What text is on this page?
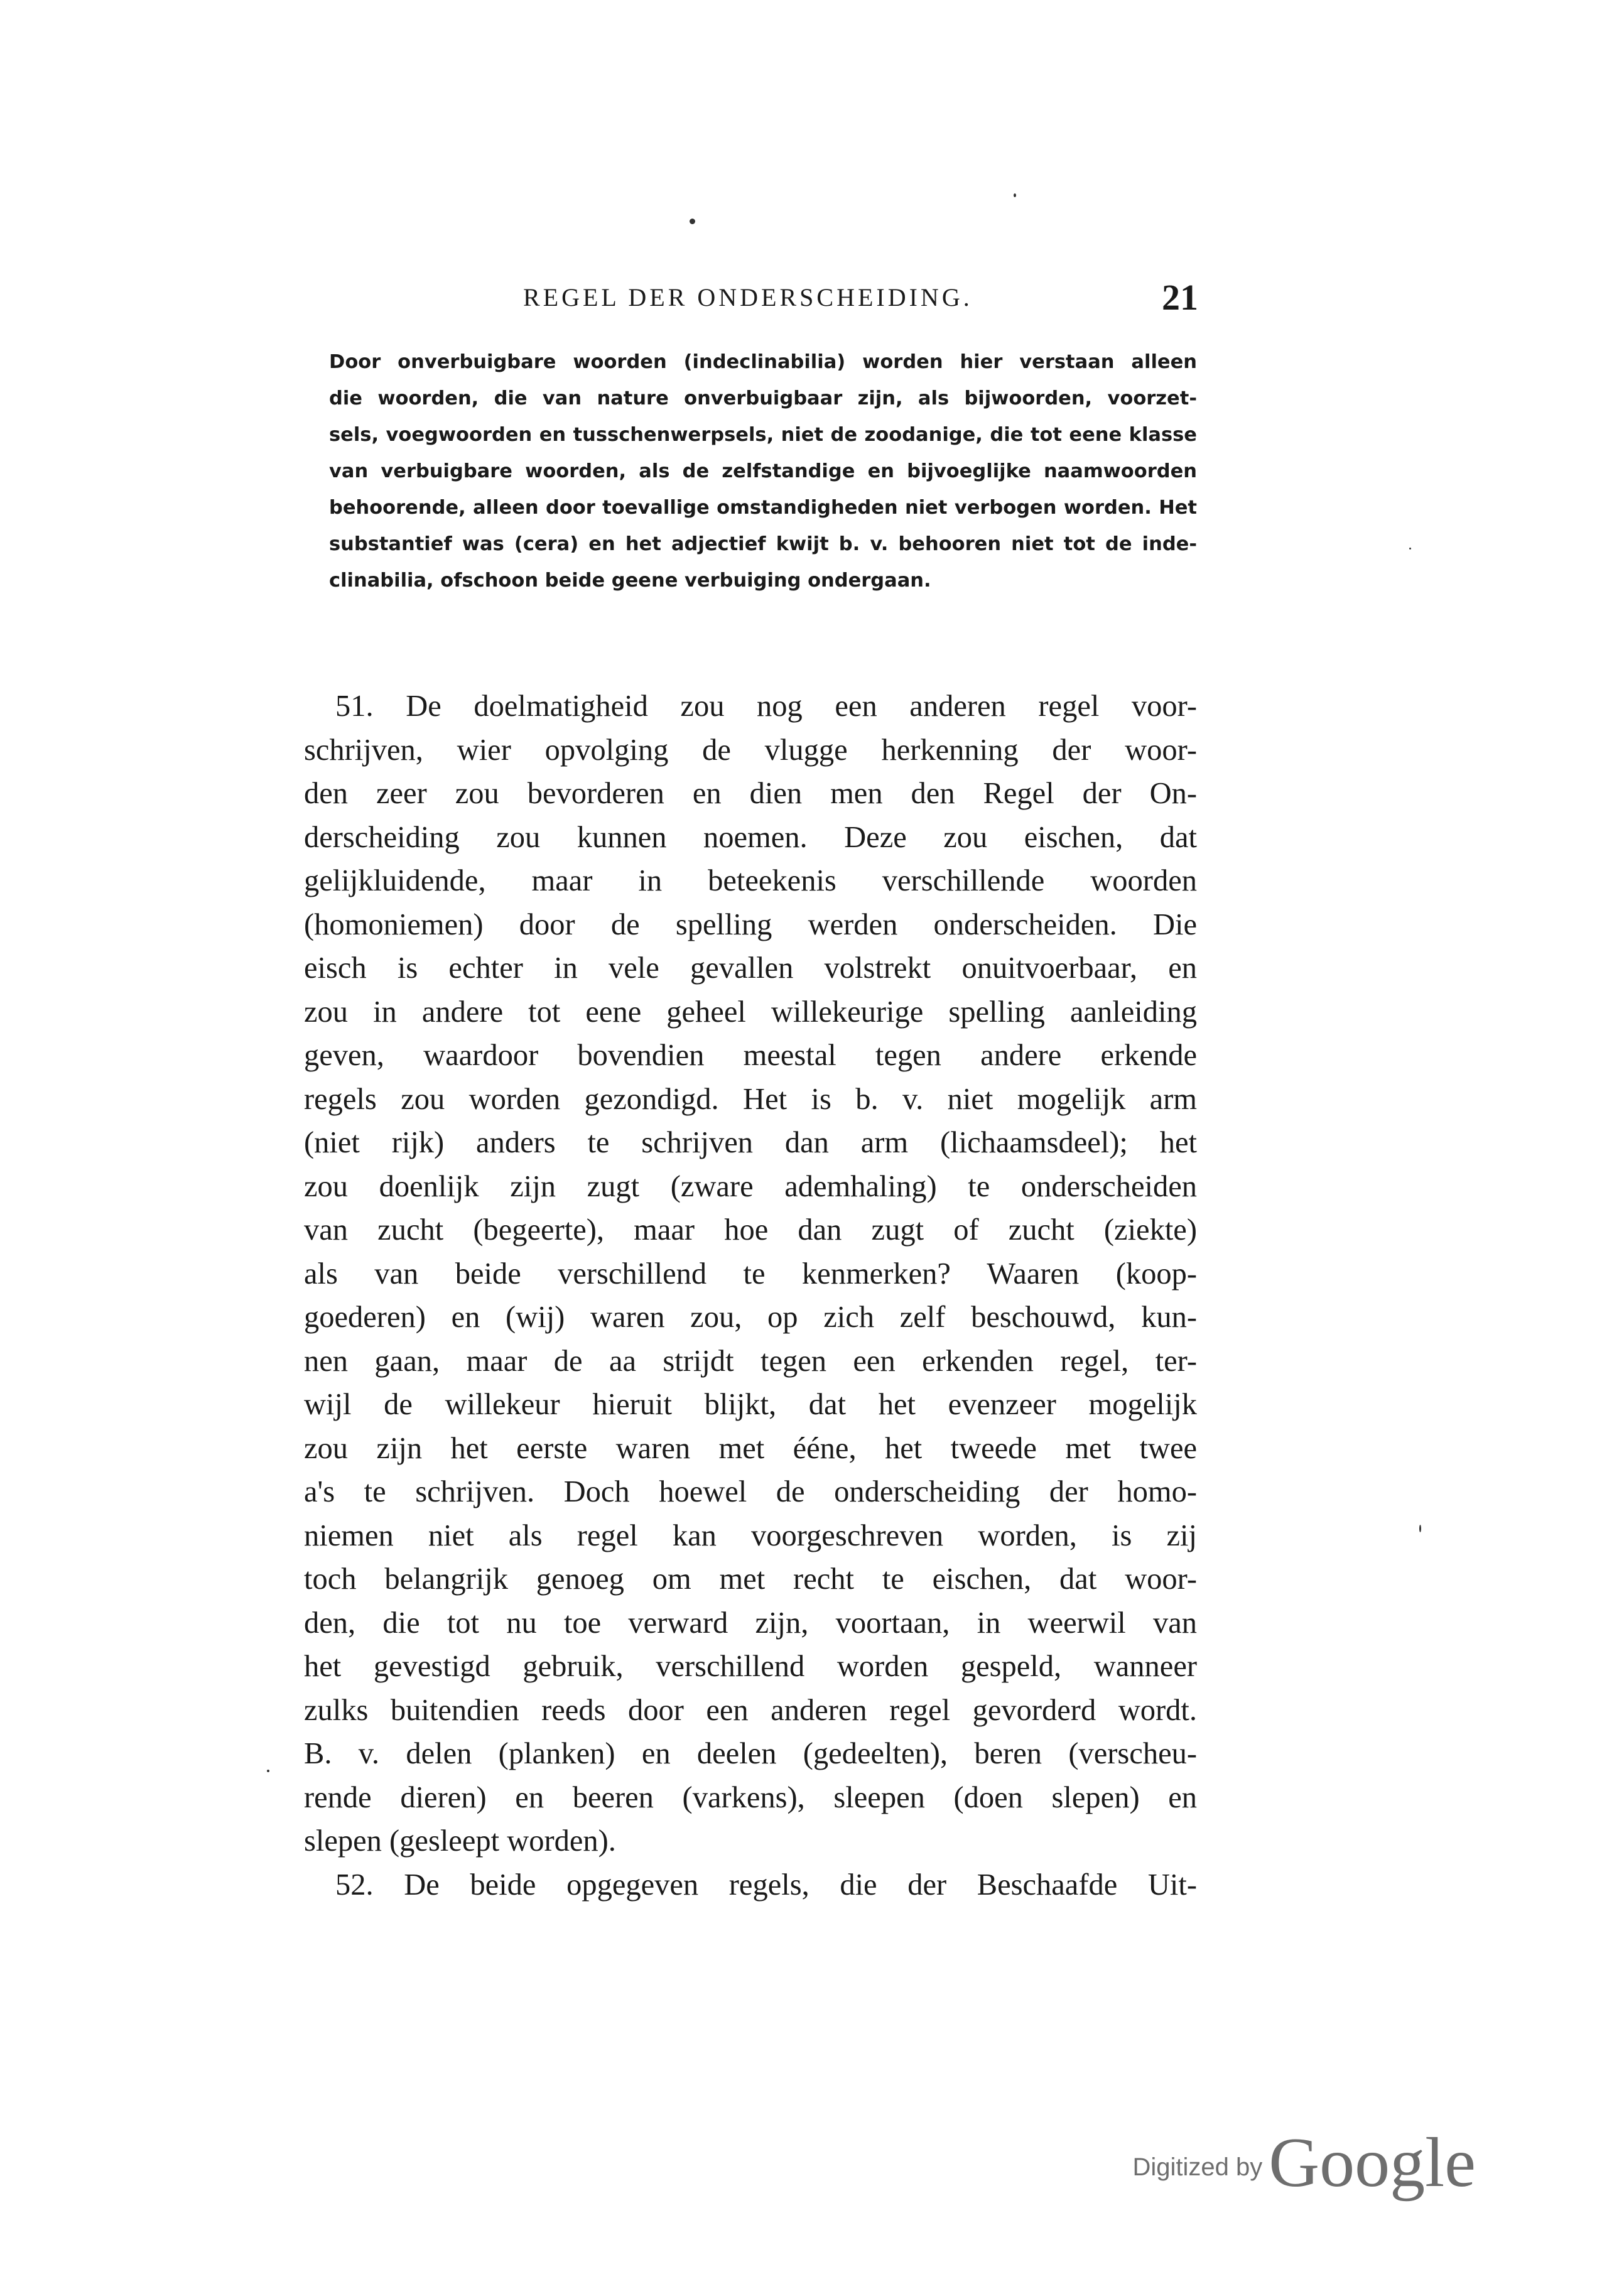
REGEL DER ONDERSCHEIDING.	21
Door onverbuigbare woorden (indeclinabilia) worden hier verstaan alleen
die woorden, die van nature onverbuigbaar zijn, als bijwoorden, voorzet-
sels, voegwoorden en tusschenwerpsels, niet de zoodanige, die tot eene klasse
van verbuigbare woorden, als de zelfstandige en bijvoeglijke naamwoorden
behoorende, alleen door toevallige omstandigheden niet verbogen worden. Het
substantief was (cera) en het adjectief kwijt b. v. behooren niet tot de inde-
clinabilia, ofschoon beide geene verbuiging ondergaan.
51. De doelmatigheid zou nog een anderen regel voor-
schrijven, wier opvolging de vlugge herkenning der woor-
den zeer zou bevorderen en dien men den Regel der On-
derscheiding zou kunnen noemen. Deze zou eischen, dat
gelijkluidende, maar in beteekenis verschillende woorden
(homoniemen) door de spelling werden onderscheiden. Die
eisch is echter in vele gevallen volstrekt onuitvoerbaar, en
zou in andere tot eene geheel willekeurige spelling aanleiding
geven, waardoor bovendien meestal tegen andere erkende
regels zou worden gezondigd. Het is b. v. niet mogelijk arm
(niet rijk) anders te schrijven dan arm (lichaamsdeel); het
zou doenlijk zijn zugt (zware ademhaling) te onderscheiden
van zucht (begeerte), maar hoe dan zugt of zucht (ziekte)
als van beide verschillend te kenmerken? Waaren (koop-
goederen) en (wij) waren zou, op zich zelf beschouwd, kun-
nen gaan, maar de aa strijdt tegen een erkenden regel, ter-
wijl de willekeur hieruit blijkt, dat het evenzeer mogelijk
zou zijn het eerste waren met ééne, het tweede met twee
a's te schrijven. Doch hoewel de onderscheiding der homo-
niemen niet als regel kan voorgeschreven worden, is zij
toch belangrijk genoeg om met recht te eischen, dat woor-
den, die tot nu toe verward zijn, voortaan, in weerwil van
het gevestigd gebruik, verschillend worden gespeld, wanneer
zulks buitendien reeds door een anderen regel gevorderd wordt.
B. v. delen (planken) en deelen (gedeelten), beren (verscheu-
rende dieren) en beeren (varkens), sleepen (doen slepen) en
slepen (gesleept worden).
52. De beide opgegeven regels, die der Beschaafde Uit-
Digitized by Google
